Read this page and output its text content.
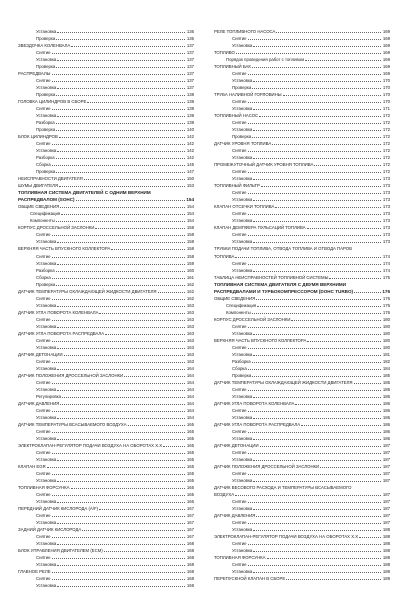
Установка	136
Проверка	136
ЗВЕЗДОЧКА КОЛЕНВАЛА	137
Снятие	137
Установка	137
Проверка	137
РАСПРЕДВАЛЫ	137
Снятие	137
Установка	137
Проверка	138
ГОЛОВКА ЦИЛИНДРОВ В СБОРЕ	139
Снятие	139
Установка	139
Разборка	139
Проверка	140
БЛОК ЦИЛИНДРОВ	142
Снятие	142
Установка	142
Разборка	142
Сборка	145
Проверка	147
НЕИСПРАВНОСТИ ДВИГАТЕЛЯ	150
ШУМЫ ДВИГАТЕЛЯ	153
ТОПЛИВНАЯ СИСТЕМА ДВИГАТЕЛЕЙ С ОДНИМ ВЕРХНИМ
РАСПРЕДВАЛОМ (SOHC)	154
ОБЩИЕ СВЕДЕНИЯ	154
Спецификация	154
Компоненты	154
КОРПУС ДРОССЕЛЬНОЙ ЗАСЛОНКИ	158
Снятие	158
Установка	158
ВЕРХНЯЯ ЧАСТЬ ВПУСКНОГО КОЛЛЕКТОРА	158
Снятие	158
Установка	159
Разборка	160
Сборка	161
Проверка	162
ДАТЧИК ТЕМПЕРАТУРЫ ОХЛАЖДАЮЩЕЙ ЖИДКОСТИ ДВИГАТЕЛЯ	162
Снятие	162
Установка	163
ДАТЧИК УГЛА ПОВОРОТА КОЛЕНВАЛА	163
Снятие	163
Установка	163
ДАТЧИК УГЛА ПОВОРОТА РАСПРЕДВАЛА	163
Снятие	163
Установка	163
ДАТЧИК ДЕТОНАЦИИ	163
Снятие	163
Установка	164
ДАТЧИК ПОЛОЖЕНИЯ ДРОССЕЛЬНОЙ ЗАСЛОНКИ	164
Снятие	164
Установка	164
Регулировка	164
ДАТЧИК ДАВЛЕНИЯ	164
Снятие	164
Установка	164
ДАТЧИК ТЕМПЕРАТУРЫ ВСАСЫВАЕМОГО ВОЗДУХА	165
Снятие	165
Установка	165
ЭЛЕКТРОКЛАПАН-РЕГУЛЯТОР ПОДАЧИ ВОЗДУХА НА ОБОРОТАХ Х.Х	165
Снятие	165
Установка	165
КЛАПАН EGR	165
Снятие	165
Установка	165
ТОПЛИВНАЯ ФОРСУНКА	165
Снятие	165
Установка	166
ПЕРЕДНИЙ ДАТЧИК КИСЛОРОДА (A/F)	167
Снятие	167
Установка	167
ЗАДНИЙ ДАТЧИК КИСЛОРОДА	167
Снятие	167
Установка	168
БЛОК УПРАВЛЕНИЯ ДВИГАТЕЛЕМ (ECM)	168
Снятие	168
Установка	168
ГЛАВНОЕ РЕЛЕ	168
Снятие	168
Установка	168
РЕЛЕ ТОПЛИВНОГО НАСОСА	169
Снятие	169
Установка	169
ТОПЛИВО	169
Порядок проведения работ с топливом	169
ТОПЛИВНЫЙ БАК	169
Снятие	169
Установка	170
Проверка	170
ТРУБА НАЛИВНОЙ ГОРЛОВИНЫ	170
Снятие	170
Установка	171
ТОПЛИВНЫЙ НАСОС	172
Снятие	172
Установка	172
Проверка	172
ДАТЧИК УРОВНЯ ТОПЛИВА	172
Снятие	172
Установка	172
ПРОМЕЖУТОЧНЫЙ ДАТЧИК УРОВНЯ ТОПЛИВА	172
Снятие	172
Установка	173
ТОПЛИВНЫЙ ФИЛЬТР	173
Снятие	173
Установка	173
КЛАПАН ОТСЕЧКИ ТОПЛИВА	173
Снятие	173
Установка	173
КЛАПАН ДЕМПФЕРА ПУЛЬСАЦИЙ ТОПЛИВА	173
Снятие	173
Установка	173
ТРУБКИ ПОДАЧИ ТОПЛИВА, ОТВОДА ТОПЛИВА И ОТВОДА ПАРОВ
ТОПЛИВА	174
Снятие	174
Установка	174
ТАБЛИЦА НЕИСПРАВНОСТЕЙ ТОПЛИВНОЙ СИСТЕМЫ	175
ТОПЛИВНАЯ СИСТЕМА ДВИГАТЕЛЯ С ДВУМЯ ВЕРХНИМИ
РАСПРЕДВАЛАМИ И ТУРБОКОМПРЕССОРОМ (DOHC TURBO)	176
ОБЩИЕ СВЕДЕНИЯ	176
Спецификация	176
Компоненты	176
КОРПУС ДРОССЕЛЬНОЙ ЗАСЛОНКИ	180
Снятие	180
Установка	180
ВЕРХНЯЯ ЧАСТЬ ВПУСКНОГО КОЛЛЕКТОРА	180
Снятие	180
Установка	181
Разборка	182
Сборка	184
Проверка	185
ДАТЧИК ТЕМПЕРАТУРЫ ОХЛАЖДАЮЩЕЙ ЖИДКОСТИ ДВИГАТЕЛЯ	185
Снятие	185
Установка	186
ДАТЧИК УГЛА ПОВОРОТА КОЛЕНВАЛА	186
Снятие	186
Установка	186
ДАТЧИК УГЛА ПОВОРОТА РАСПРЕДВАЛА	186
Снятие	186
Установка	186
ДАТЧИК ДЕТОНАЦИИ	187
Снятие	187
Установка	187
ДАТЧИК ПОЛОЖЕНИЯ ДРОССЕЛЬНОЙ ЗАСЛОНКИ	187
Снятие	187
Установка	187
ДАТЧИК ВЕСОВОГО РАСХОДА И ТЕМПЕРАТУРЫ ВСАСЫВАЕМОГО
ВОЗДУХА	187
Снятие	187
Установка	187
ДАТЧИК ДАВЛЕНИЯ	187
Снятие	187
Установка	188
ЭЛЕКТРОКЛАПАН-РЕГУЛЯТОР ПОДАЧИ ВОЗДУХА НА ОБОРОТАХ Х.Х	188
Снятие	188
Установка	188
ТОПЛИВНАЯ ФОРСУНКА	188
Снятие	188
Установка	189
ПЕРЕПУСКНОЙ КЛАПАН В СБОРЕ	189
